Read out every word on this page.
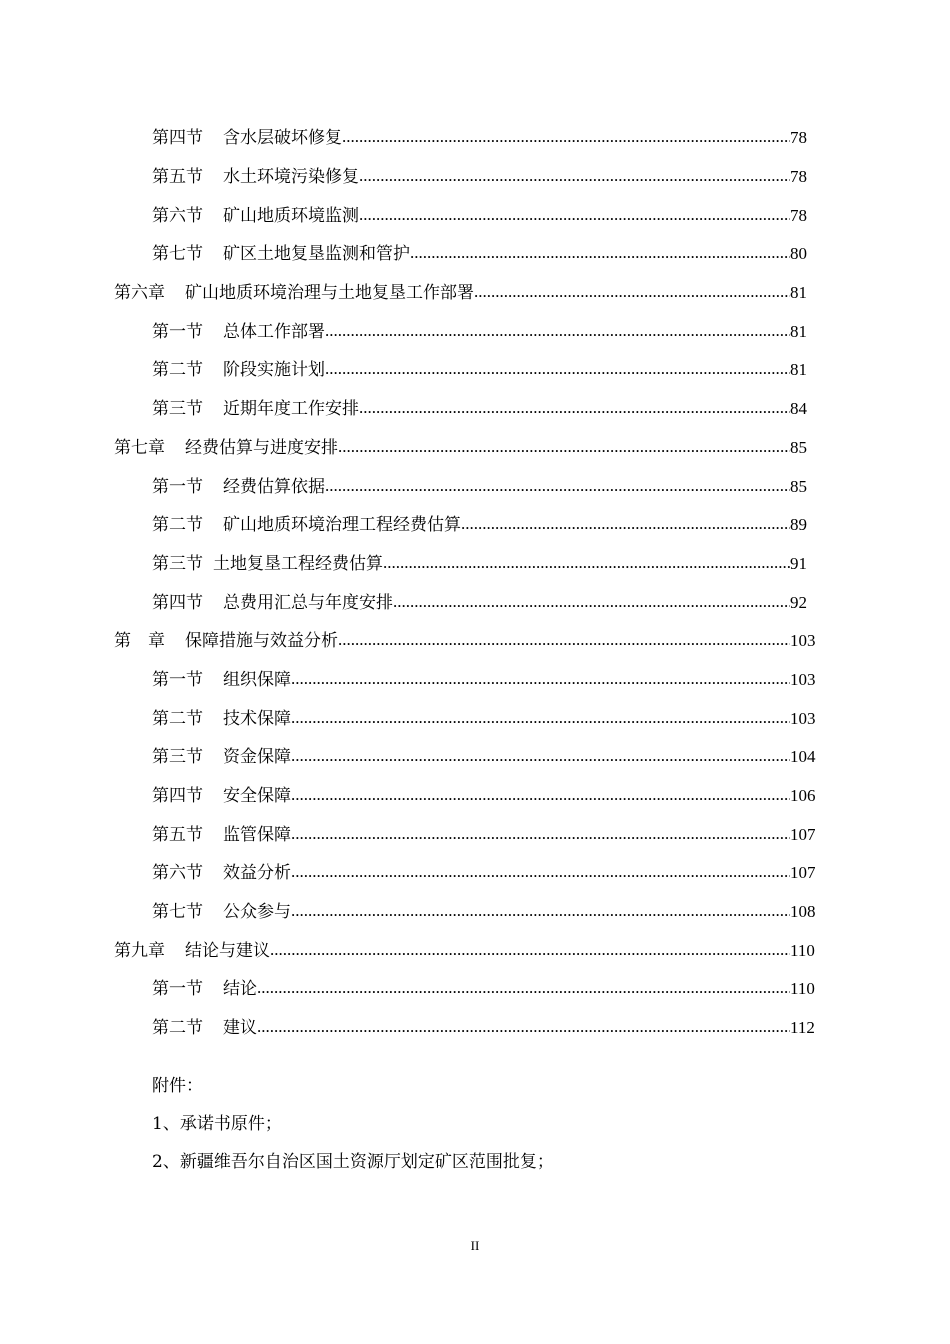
第四节 含水层破坏修复 .....	78
第五节 水土环境污染修复 .....	78
第六节 矿山地质环境监测 .....	78
第七节 矿区土地复垦监测和管护 .....	80
第六章 矿山地质环境治理与土地复垦工作部署 .....	81
第一节 总体工作部署 .....	81
第二节 阶段实施计划 .....	81
第三节 近期年度工作安排 .....	84
第七章 经费估算与进度安排 .....	85
第一节 经费估算依据 .....	85
第二节 矿山地质环境治理工程经费估算 .....	89
第三节 土地复垦工程经费估算 .....	91
第四节 总费用汇总与年度安排 .....	92
第　章 保障措施与效益分析 .....	103
第一节 组织保障 .....	103
第二节 技术保障 .....	103
第三节 资金保障 .....	104
第四节 安全保障 .....	106
第五节 监管保障 .....	107
第六节 效益分析 .....	107
第七节 公众参与 .....	108
第九章 结论与建议 .....	110
第一节 结论 .....	110
第二节 建议 .....	112
附件：
1、承诺书原件；
2、新疆维吾尔自治区国土资源厅划定矿区范围批复；
II
